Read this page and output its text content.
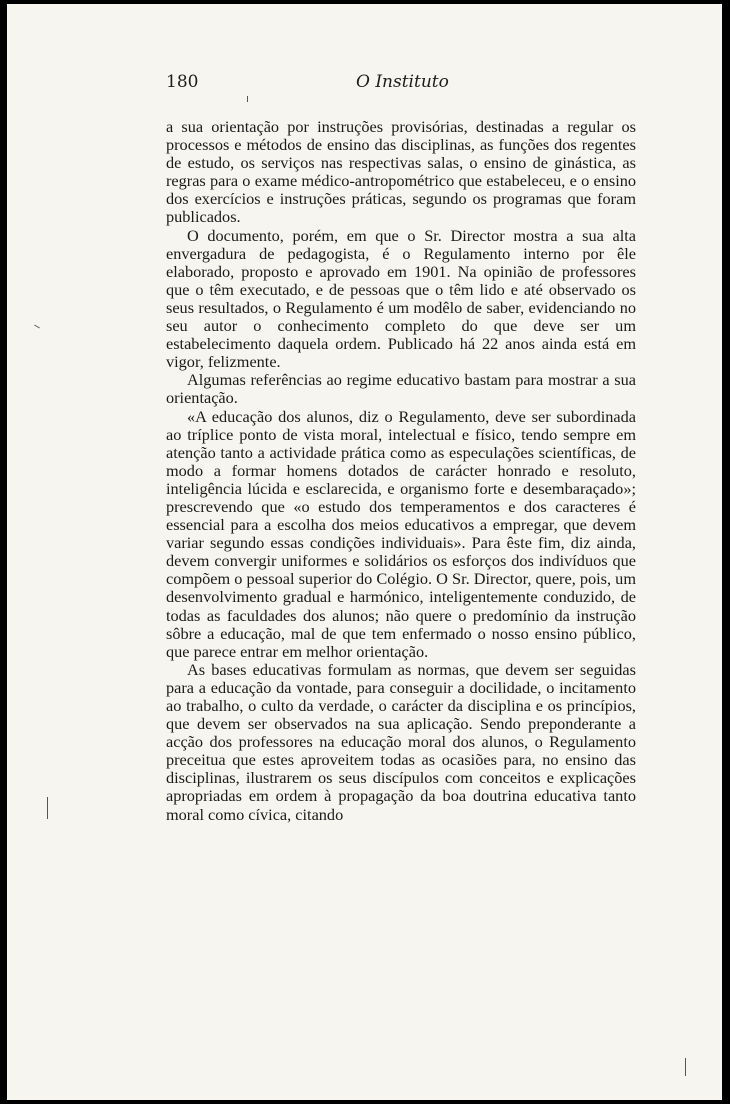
180	O Instituto

a sua orientação por instruções provisórias, destinadas a regular os processos e métodos de ensino das disciplinas, as funções dos regentes de estudo, os serviços nas respectivas salas, o ensino de ginástica, as regras para o exame médico-antropométrico que estabeleceu, e o ensino dos exercícios e instruções práticas, segundo os programas que foram publicados.

O documento, porém, em que o Sr. Director mostra a sua alta envergadura de pedagogista, é o Regulamento interno por êle elaborado, proposto e aprovado em 1901. Na opinião de professores que o têm executado, e de pessoas que o têm lido e até observado os seus resultados, o Regulamento é um modêlo de saber, evidenciando no seu autor o conhecimento completo do que deve ser um estabelecimento daquela ordem. Publicado há 22 anos ainda está em vigor, felizmente.

Algumas referências ao regime educativo bastam para mostrar a sua orientação.

«A educação dos alunos, diz o Regulamento, deve ser subordinada ao tríplice ponto de vista moral, intelectual e físico, tendo sempre em atenção tanto a actividade prática como as especulações scientíficas, de modo a formar homens dotados de carácter honrado e resoluto, inteligência lúcida e esclarecida, e organismo forte e desembaraçado»; prescrevendo que «o estudo dos temperamentos e dos caracteres é essencial para a escolha dos meios educativos a empregar, que devem variar segundo essas condições individuais». Para êste fim, diz ainda, devem convergir uniformes e solidários os esforços dos indivíduos que compõem o pessoal superior do Colégio. O Sr. Director, quere, pois, um desenvolvimento gradual e harmónico, inteligentemente conduzido, de todas as faculdades dos alunos; não quere o predomínio da instrução sôbre a educação, mal de que tem enfermado o nosso ensino público, que parece entrar em melhor orientação.

As bases educativas formulam as normas, que devem ser seguidas para a educação da vontade, para conseguir a docilidade, o incitamento ao trabalho, o culto da verdade, o carácter da disciplina e os princípios, que devem ser observados na sua aplicação. Sendo preponderante a acção dos professores na educação moral dos alunos, o Regulamento preceitua que estes aproveitem todas as ocasiões para, no ensino das disciplinas, ilustrarem os seus discípulos com conceitos e explicações apropriadas em ordem à propagação da boa doutrina educativa tanto moral como cívica, citando
